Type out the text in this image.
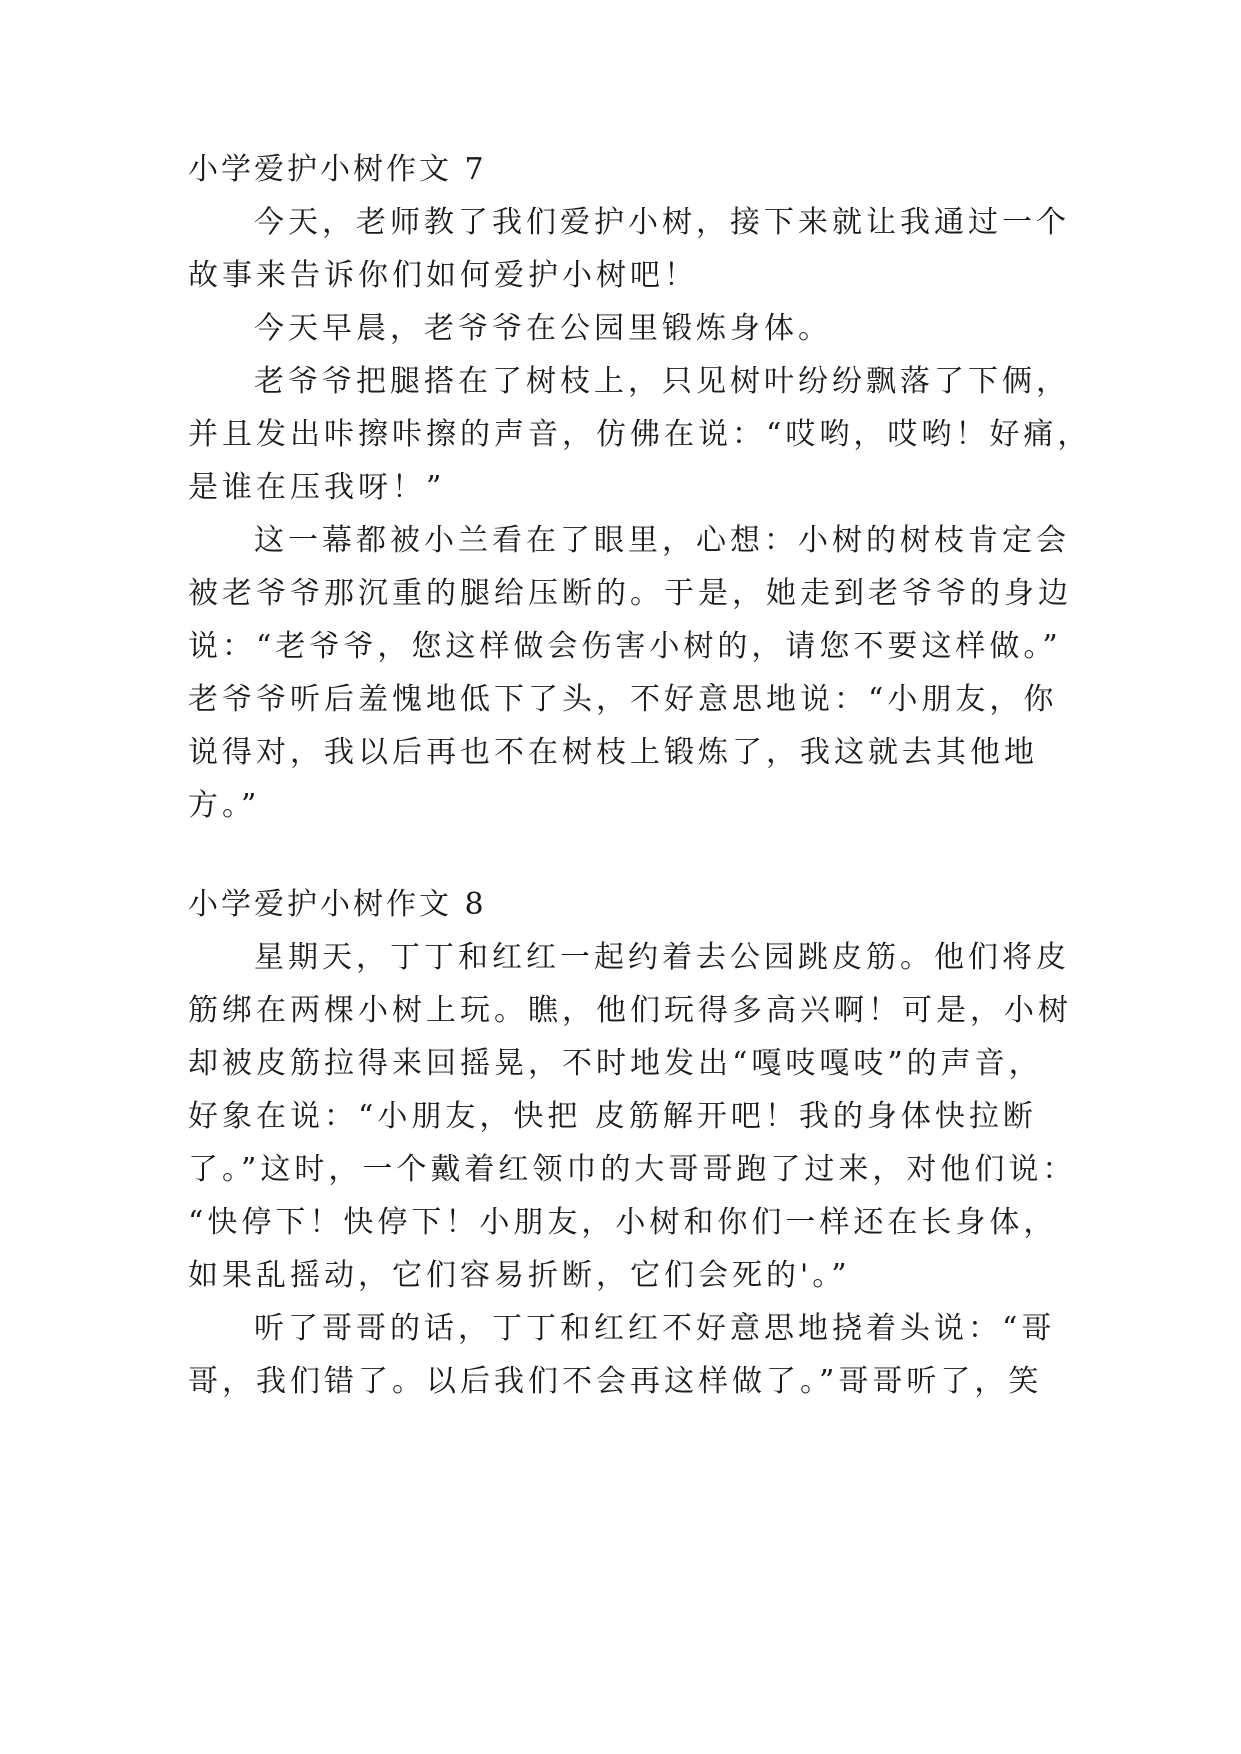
小学爱护小树作文 7

今天，老师教了我们爱护小树，接下来就让我通过一个

故事来告诉你们如何爱护小树吧！

今天早晨，老爷爷在公园里锻炼身体。

老爷爷把腿搭在了树枝上，只见树叶纷纷飘落了下俩，

并且发出咔擦咔擦的声音，仿佛在说：“哎哟，哎哟！好痛，

是谁在压我呀！”

这一幕都被小兰看在了眼里，心想：小树的树枝肯定会

被老爷爷那沉重的腿给压断的。于是，她走到老爷爷的身边

说：“老爷爷，您这样做会伤害小树的，请您不要这样做。”

老爷爷听后羞愧地低下了头，不好意思地说：“小朋友，你

说得对，我以后再也不在树枝上锻炼了，我这就去其他地

方。”

小学爱护小树作文 8

星期天，丁丁和红红一起约着去公园跳皮筋。他们将皮

筋绑在两棵小树上玩。瞧，他们玩得多高兴啊！可是，小树

却被皮筋拉得来回摇晃，不时地发出“嘎吱嘎吱”的声音，

好象在说：“小朋友，快把 皮筋解开吧！我的身体快拉断

了。”这时，一个戴着红领巾的大哥哥跑了过来，对他们说：

“快停下！快停下！小朋友，小树和你们一样还在长身体，

如果乱摇动，它们容易折断，它们会死的'。”

听了哥哥的话，丁丁和红红不好意思地挠着头说：“哥

哥，我们错了。以后我们不会再这样做了。”哥哥听了，笑
